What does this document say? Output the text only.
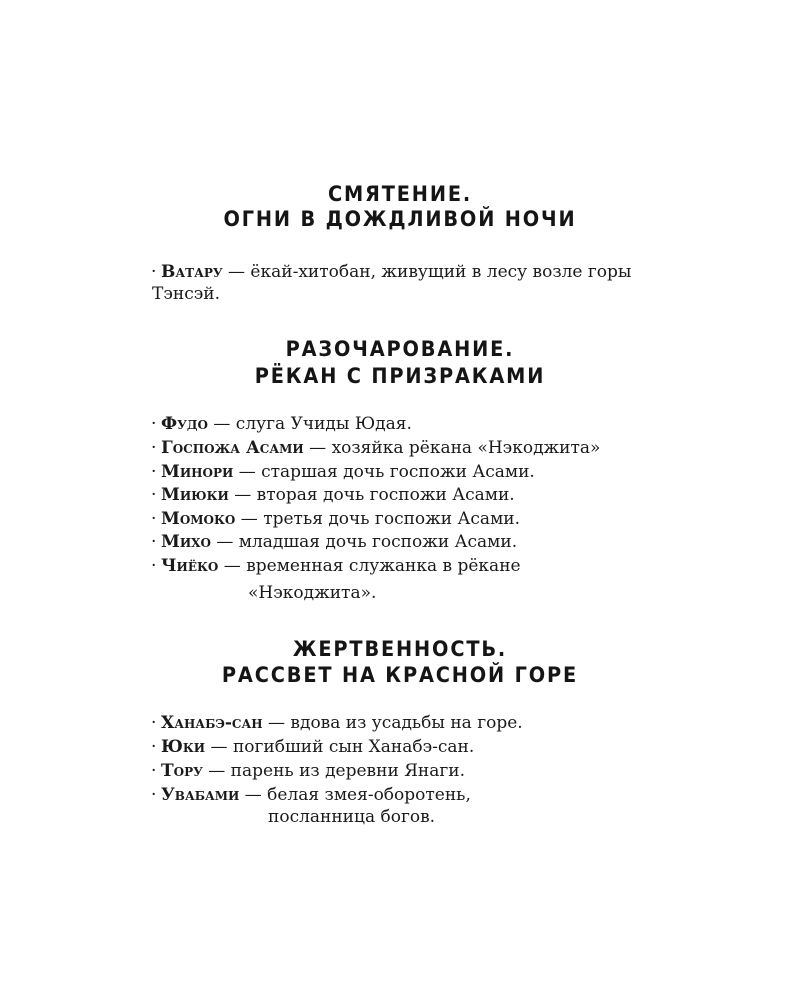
СМЯТЕНИЕ.
ОГНИ В ДОЖДЛИВОЙ НОЧИ
· Ватару — ёкай-хитобан, живущий в лесу возле горы
Тэнсэй.
РАЗОЧАРОВАНИЕ.
РЁКАН С ПРИЗРАКАМИ
· Фудо — слуга Учиды Юдая.
· Госпожа Асами — хозяйка рёкана «Нэкоджита»
· Минори — старшая дочь госпожи Асами.
· Миюки — вторая дочь госпожи Асами.
· Момоко — третья дочь госпожи Асами.
· Михо — младшая дочь госпожи Асами.
· Чиёко — временная служанка в рёкане
«Нэкоджита».
ЖЕРТВЕННОСТЬ.
РАССВЕТ НА КРАСНОЙ ГОРЕ
· Ханабэ-сан — вдова из усадьбы на горе.
· Юки — погибший сын Ханабэ-сан.
· Тору — парень из деревни Янаги.
· Увабами — белая змея-оборотень,
посланница богов.
